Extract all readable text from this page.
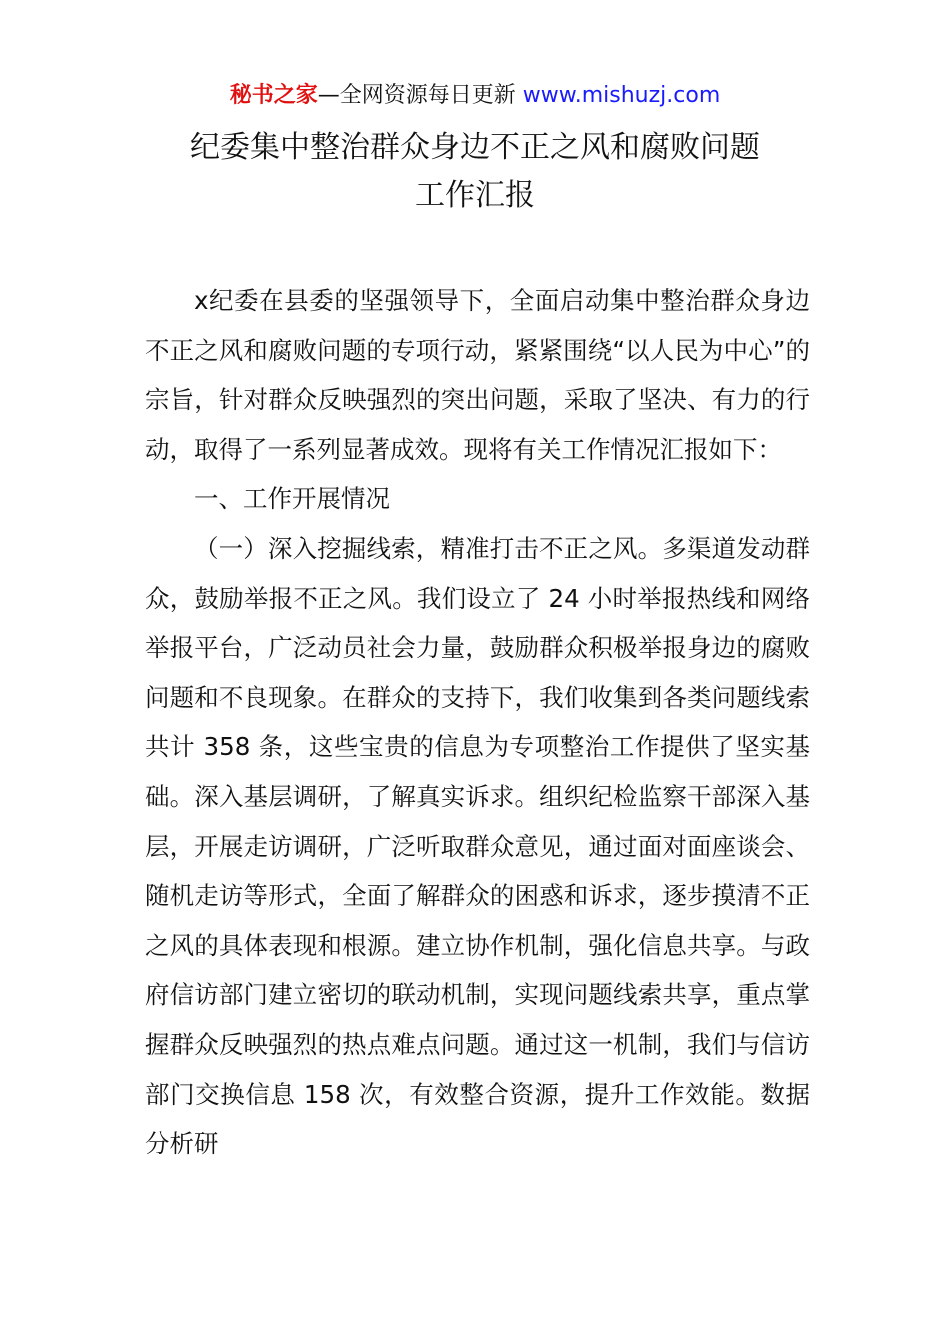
秘书之家—全网资源每日更新 www.mishuzj.com
纪委集中整治群众身边不正之风和腐败问题
工作汇报

x纪委在县委的坚强领导下，全面启动集中整治群众身边不正之风和腐败问题的专项行动，紧紧围绕“以人民为中心”的宗旨，针对群众反映强烈的突出问题，采取了坚决、有力的行动，取得了一系列显著成效。现将有关工作情况汇报如下：

一、工作开展情况

（一）深入挖掘线索，精准打击不正之风。多渠道发动群众，鼓励举报不正之风。我们设立了 24 小时举报热线和网络举报平台，广泛动员社会力量，鼓励群众积极举报身边的腐败问题和不良现象。在群众的支持下，我们收集到各类问题线索共计 358 条，这些宝贵的信息为专项整治工作提供了坚实基础。深入基层调研，了解真实诉求。组织纪检监察干部深入基层，开展走访调研，广泛听取群众意见，通过面对面座谈会、随机走访等形式，全面了解群众的困惑和诉求，逐步摸清不正之风的具体表现和根源。建立协作机制，强化信息共享。与政府信访部门建立密切的联动机制，实现问题线索共享，重点掌握群众反映强烈的热点难点问题。通过这一机制，我们与信访部门交换信息 158 次，有效整合资源，提升工作效能。数据分析研
